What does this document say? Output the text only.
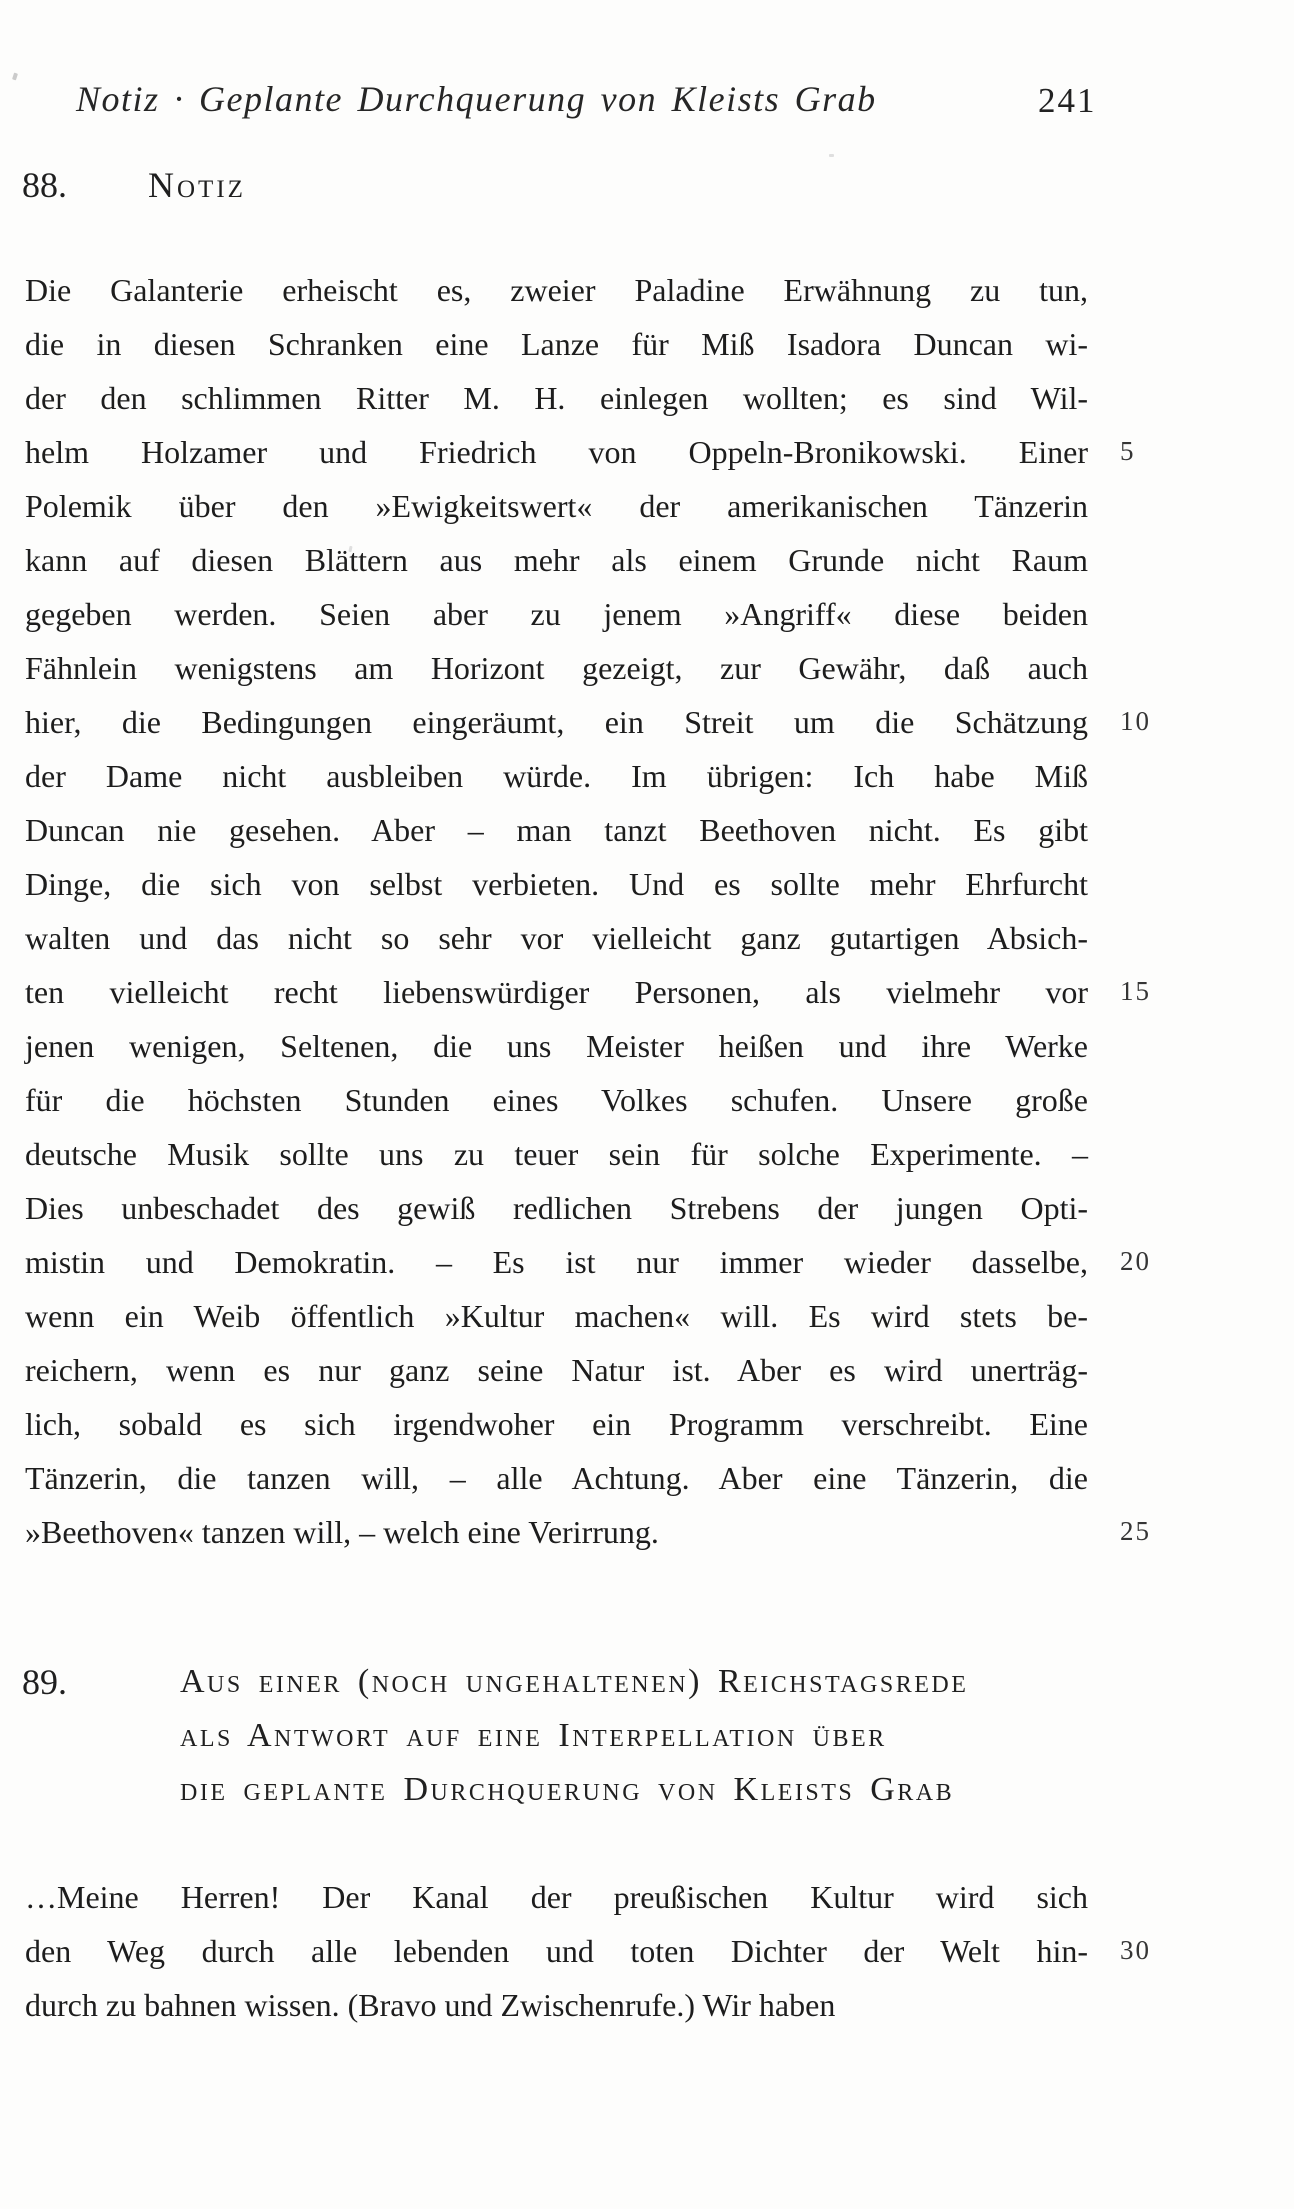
Notiz · Geplante Durchquerung von Kleists Grab	241
88. Notiz
Die Galanterie erheischt es, zweier Paladine Erwähnung zu tun,
die in diesen Schranken eine Lanze für Miß Isadora Duncan wi-
der den schlimmen Ritter M. H. einlegen wollten; es sind Wil-
helm Holzamer und Friedrich von Oppeln-Bronikowski. Einer
Polemik über den »Ewigkeitswert« der amerikanischen Tänzerin
kann auf diesen Blättern aus mehr als einem Grunde nicht Raum
gegeben werden. Seien aber zu jenem »Angriff« diese beiden
Fähnlein wenigstens am Horizont gezeigt, zur Gewähr, daß auch
hier, die Bedingungen eingeräumt, ein Streit um die Schätzung
der Dame nicht ausbleiben würde. Im übrigen: Ich habe Miß
Duncan nie gesehen. Aber – man tanzt Beethoven nicht. Es gibt
Dinge, die sich von selbst verbieten. Und es sollte mehr Ehrfurcht
walten und das nicht so sehr vor vielleicht ganz gutartigen Absich-
ten vielleicht recht liebenswürdiger Personen, als vielmehr vor
jenen wenigen, Seltenen, die uns Meister heißen und ihre Werke
für die höchsten Stunden eines Volkes schufen. Unsere große
deutsche Musik sollte uns zu teuer sein für solche Experimente. –
Dies unbeschadet des gewiß redlichen Strebens der jungen Opti-
mistin und Demokratin. – Es ist nur immer wieder dasselbe,
wenn ein Weib öffentlich »Kultur machen« will. Es wird stets be-
reichern, wenn es nur ganz seine Natur ist. Aber es wird unerträg-
lich, sobald es sich irgendwoher ein Programm verschreibt. Eine
Tänzerin, die tanzen will, – alle Achtung. Aber eine Tänzerin, die
»Beethoven« tanzen will, – welch eine Verirrung.
5
10
15
20
25
30
89.	Aus einer (noch ungehaltenen) Reichstagsrede
als Antwort auf eine Interpellation über
die geplante Durchquerung von Kleists Grab
…Meine Herren! Der Kanal der preußischen Kultur wird sich
den Weg durch alle lebenden und toten Dichter der Welt hin-
durch zu bahnen wissen. (Bravo und Zwischenrufe.) Wir haben
